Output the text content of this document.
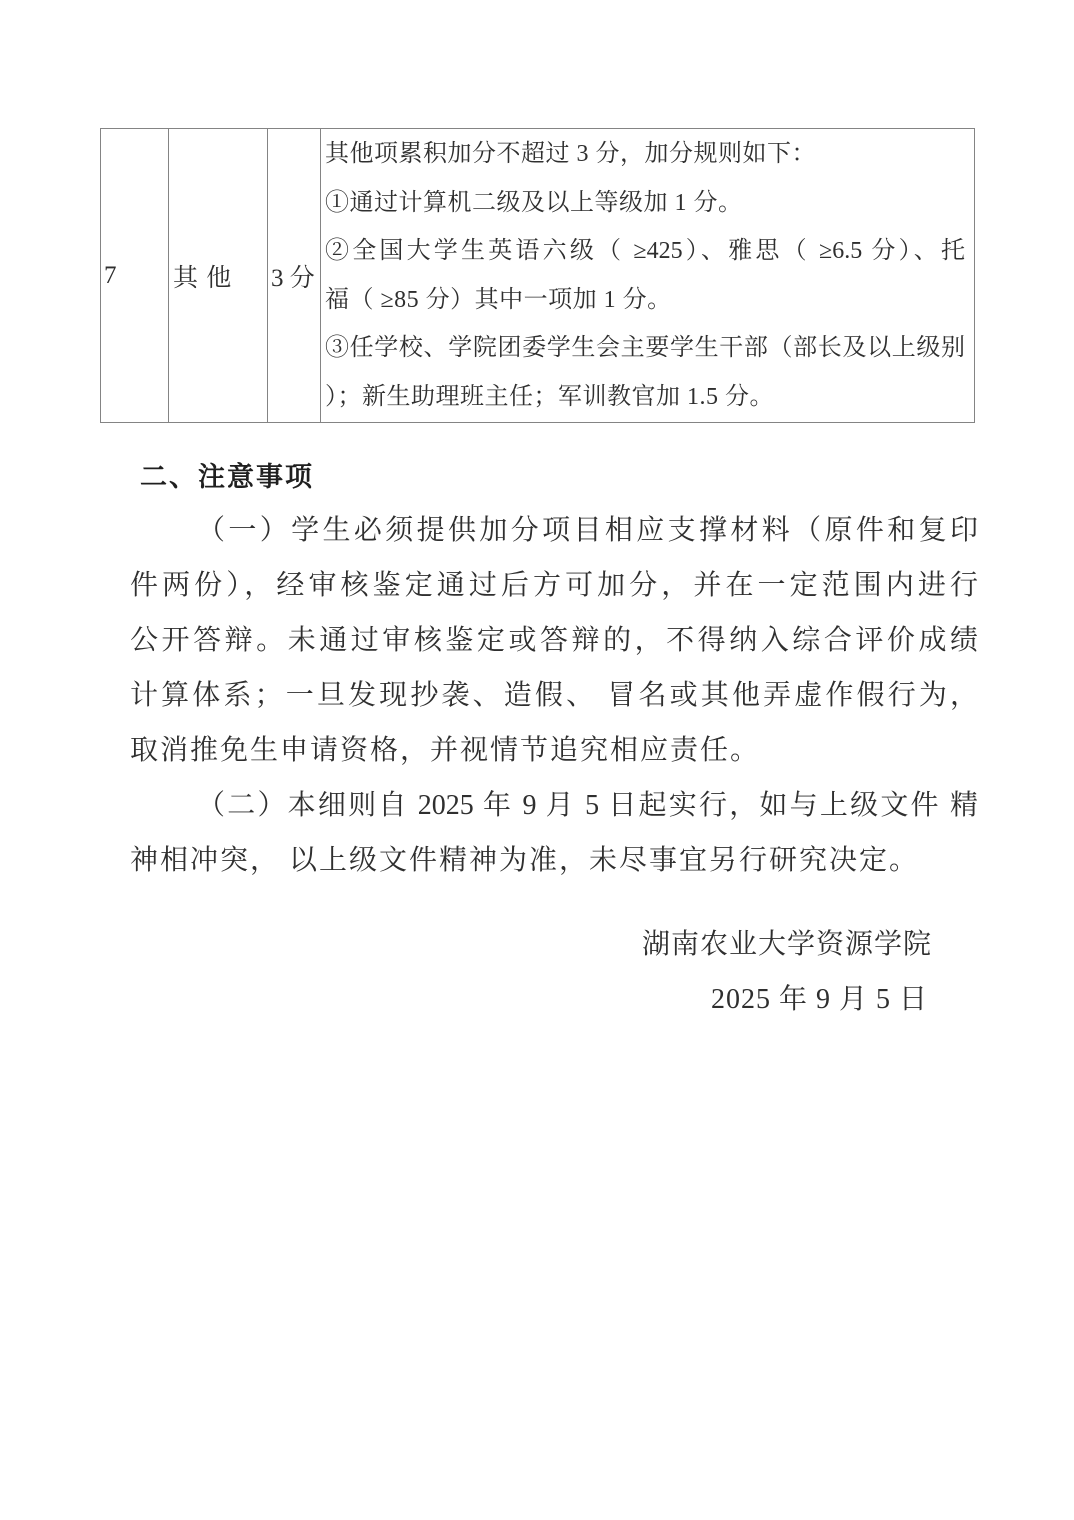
7 其 他 3 分
其他项累积加分不超过 3 分，加分规则如下：
①通过计算机二级及以上等级加 1 分。
②全国大学生英语六级（ ≥425）、雅思（ ≥6.5 分）、托
福（ ≥85 分）其中一项加 1 分。
③任学校、学院团委学生会主要学生干部（部长及以上级别
）；新生助理班主任；军训教官加 1.5 分。
二、注意事项
（一）学生必须提供加分项目相应支撑材料（原件和复印
件两份），经审核鉴定通过后方可加分，并在一定范围内进行
公开答辩。未通过审核鉴定或答辩的，不得纳入综合评价成绩
计算体系；一旦发现抄袭、造假、 冒名或其他弄虚作假行为，
取消推免生申请资格，并视情节追究相应责任。
（二）本细则自 2025 年 9 月 5 日起实行，如与上级文件 精
神相冲突， 以上级文件精神为准，未尽事宜另行研究决定。
湖南农业大学资源学院
2025 年 9 月 5 日
